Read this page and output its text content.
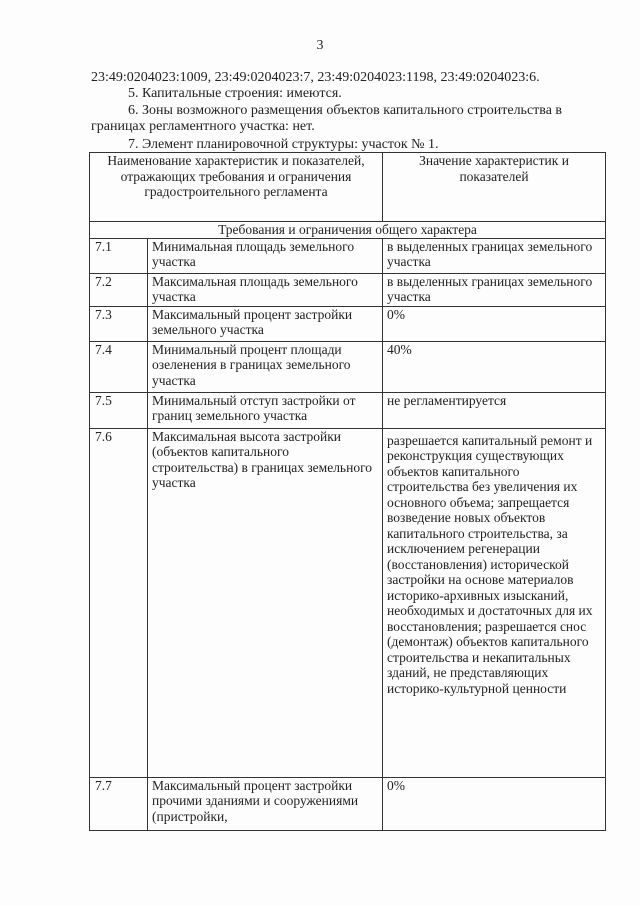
3
23:49:0204023:1009, 23:49:0204023:7, 23:49:0204023:1198, 23:49:0204023:6.
5. Капитальные строения: имеются.
6. Зоны возможного размещения объектов капитального строительства в
границах регламентного участка: нет.
7. Элемент планировочной структуры: участок № 1.
Наименование характеристик и показателей, отражающих требования и ограничения градостроительного регламента		Значение характеристик и показателей
Требования и ограничения общего характера		
7.1	Минимальная площадь земельного участка	в выделенных границах земельного участка
7.2	Максимальная площадь земельного участка	в выделенных границах земельного участка
7.3	Максимальный процент застройки земельного участка	0%
7.4	Минимальный процент площади озеленения в границах земельного участка	40%
7.5	Минимальный отступ застройки от границ земельного участка	не регламентируется
7.6	Максимальная высота застройки (объектов капитального строительства) в границах земельного участка	разрешается капитальный ремонт и реконструкция существующих объектов капитального строительства без увеличения их основного объема; запрещается возведение новых объектов капитального строительства, за исключением регенерации (восстановления) исторической застройки на основе материалов историко-архивных изысканий, необходимых и достаточных для их восстановления; разрешается снос (демонтаж) объектов капитального строительства и некапитальных зданий, не представляющих историко-культурной ценности
7.7	Максимальный процент застройки прочими зданиями и сооружениями (пристройки,	0%
